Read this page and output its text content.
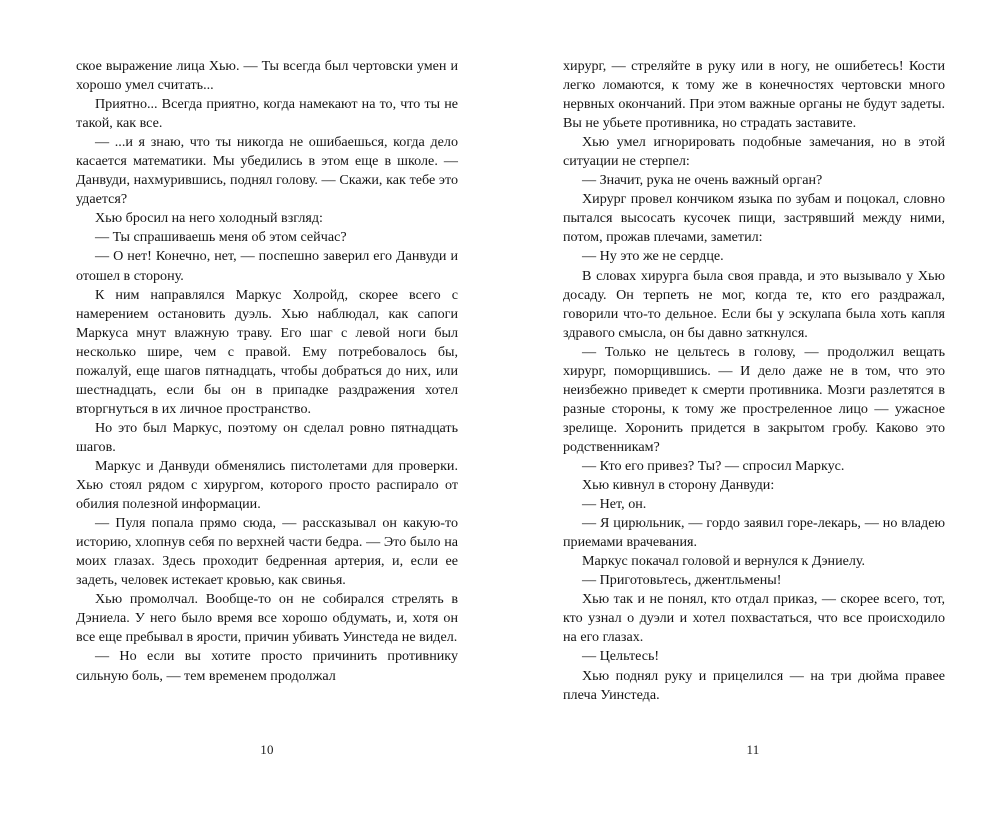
ское выражение лица Хью. — Ты всегда был чертовски умен и хорошо умел считать...

Приятно... Всегда приятно, когда намекают на то, что ты не такой, как все.

— ...и я знаю, что ты никогда не ошибаешься, когда дело касается математики. Мы убедились в этом еще в школе. — Данвуди, нахмурившись, поднял голову. — Скажи, как тебе это удается?

Хью бросил на него холодный взгляд:

— Ты спрашиваешь меня об этом сейчас?

— О нет! Конечно, нет, — поспешно заверил его Данвуди и отошел в сторону.

К ним направлялся Маркус Холройд, скорее всего с намерением остановить дуэль. Хью наблюдал, как сапоги Маркуса мнут влажную траву. Его шаг с левой ноги был несколько шире, чем с правой. Ему потребовалось бы, пожалуй, еще шагов пятнадцать, чтобы добраться до них, или шестнадцать, если бы он в припадке раздражения хотел вторгнуться в их личное пространство.

Но это был Маркус, поэтому он сделал ровно пятнадцать шагов.

Маркус и Данвуди обменялись пистолетами для проверки. Хью стоял рядом с хирургом, которого просто распирало от обилия полезной информации.

— Пуля попала прямо сюда, — рассказывал он какую-то историю, хлопнув себя по верхней части бедра. — Это было на моих глазах. Здесь проходит бедренная артерия, и, если ее задеть, человек истекает кровью, как свинья.

Хью промолчал. Вообще-то он не собирался стрелять в Дэниела. У него было время все хорошо обдумать, и, хотя он все еще пребывал в ярости, причин убивать Уинстеда не видел.

— Но если вы хотите просто причинить противнику сильную боль, — тем временем продолжал

10

хирург, — стреляйте в руку или в ногу, не ошибетесь! Кости легко ломаются, к тому же в конечностях чертовски много нервных окончаний. При этом важные органы не будут задеты. Вы не убьете противника, но страдать заставите.

Хью умел игнорировать подобные замечания, но в этой ситуации не стерпел:

— Значит, рука не очень важный орган?

Хирург провел кончиком языка по зубам и поцокал, словно пытался высосать кусочек пищи, застрявший между ними, потом, прожав плечами, заметил:

— Ну это же не сердце.

В словах хирурга была своя правда, и это вызывало у Хью досаду. Он терпеть не мог, когда те, кто его раздражал, говорили что-то дельное. Если бы у эскулапа была хоть капля здравого смысла, он бы давно заткнулся.

— Только не цельтесь в голову, — продолжил вещать хирург, поморщившись. — И дело даже не в том, что это неизбежно приведет к смерти противника. Мозги разлетятся в разные стороны, к тому же простреленное лицо — ужасное зрелище. Хоронить придется в закрытом гробу. Каково это родственникам?

— Кто его привез? Ты? — спросил Маркус.

Хью кивнул в сторону Данвуди:

— Нет, он.

— Я цирюльник, — гордо заявил горе-лекарь, — но владею приемами врачевания.

Маркус покачал головой и вернулся к Дэниелу.

— Приготовьтесь, джентльмены!

Хью так и не понял, кто отдал приказ, — скорее всего, тот, кто узнал о дуэли и хотел похвастаться, что все происходило на его глазах.

— Цельтесь!

Хью поднял руку и прицелился — на три дюйма правее плеча Уинстеда.

11
